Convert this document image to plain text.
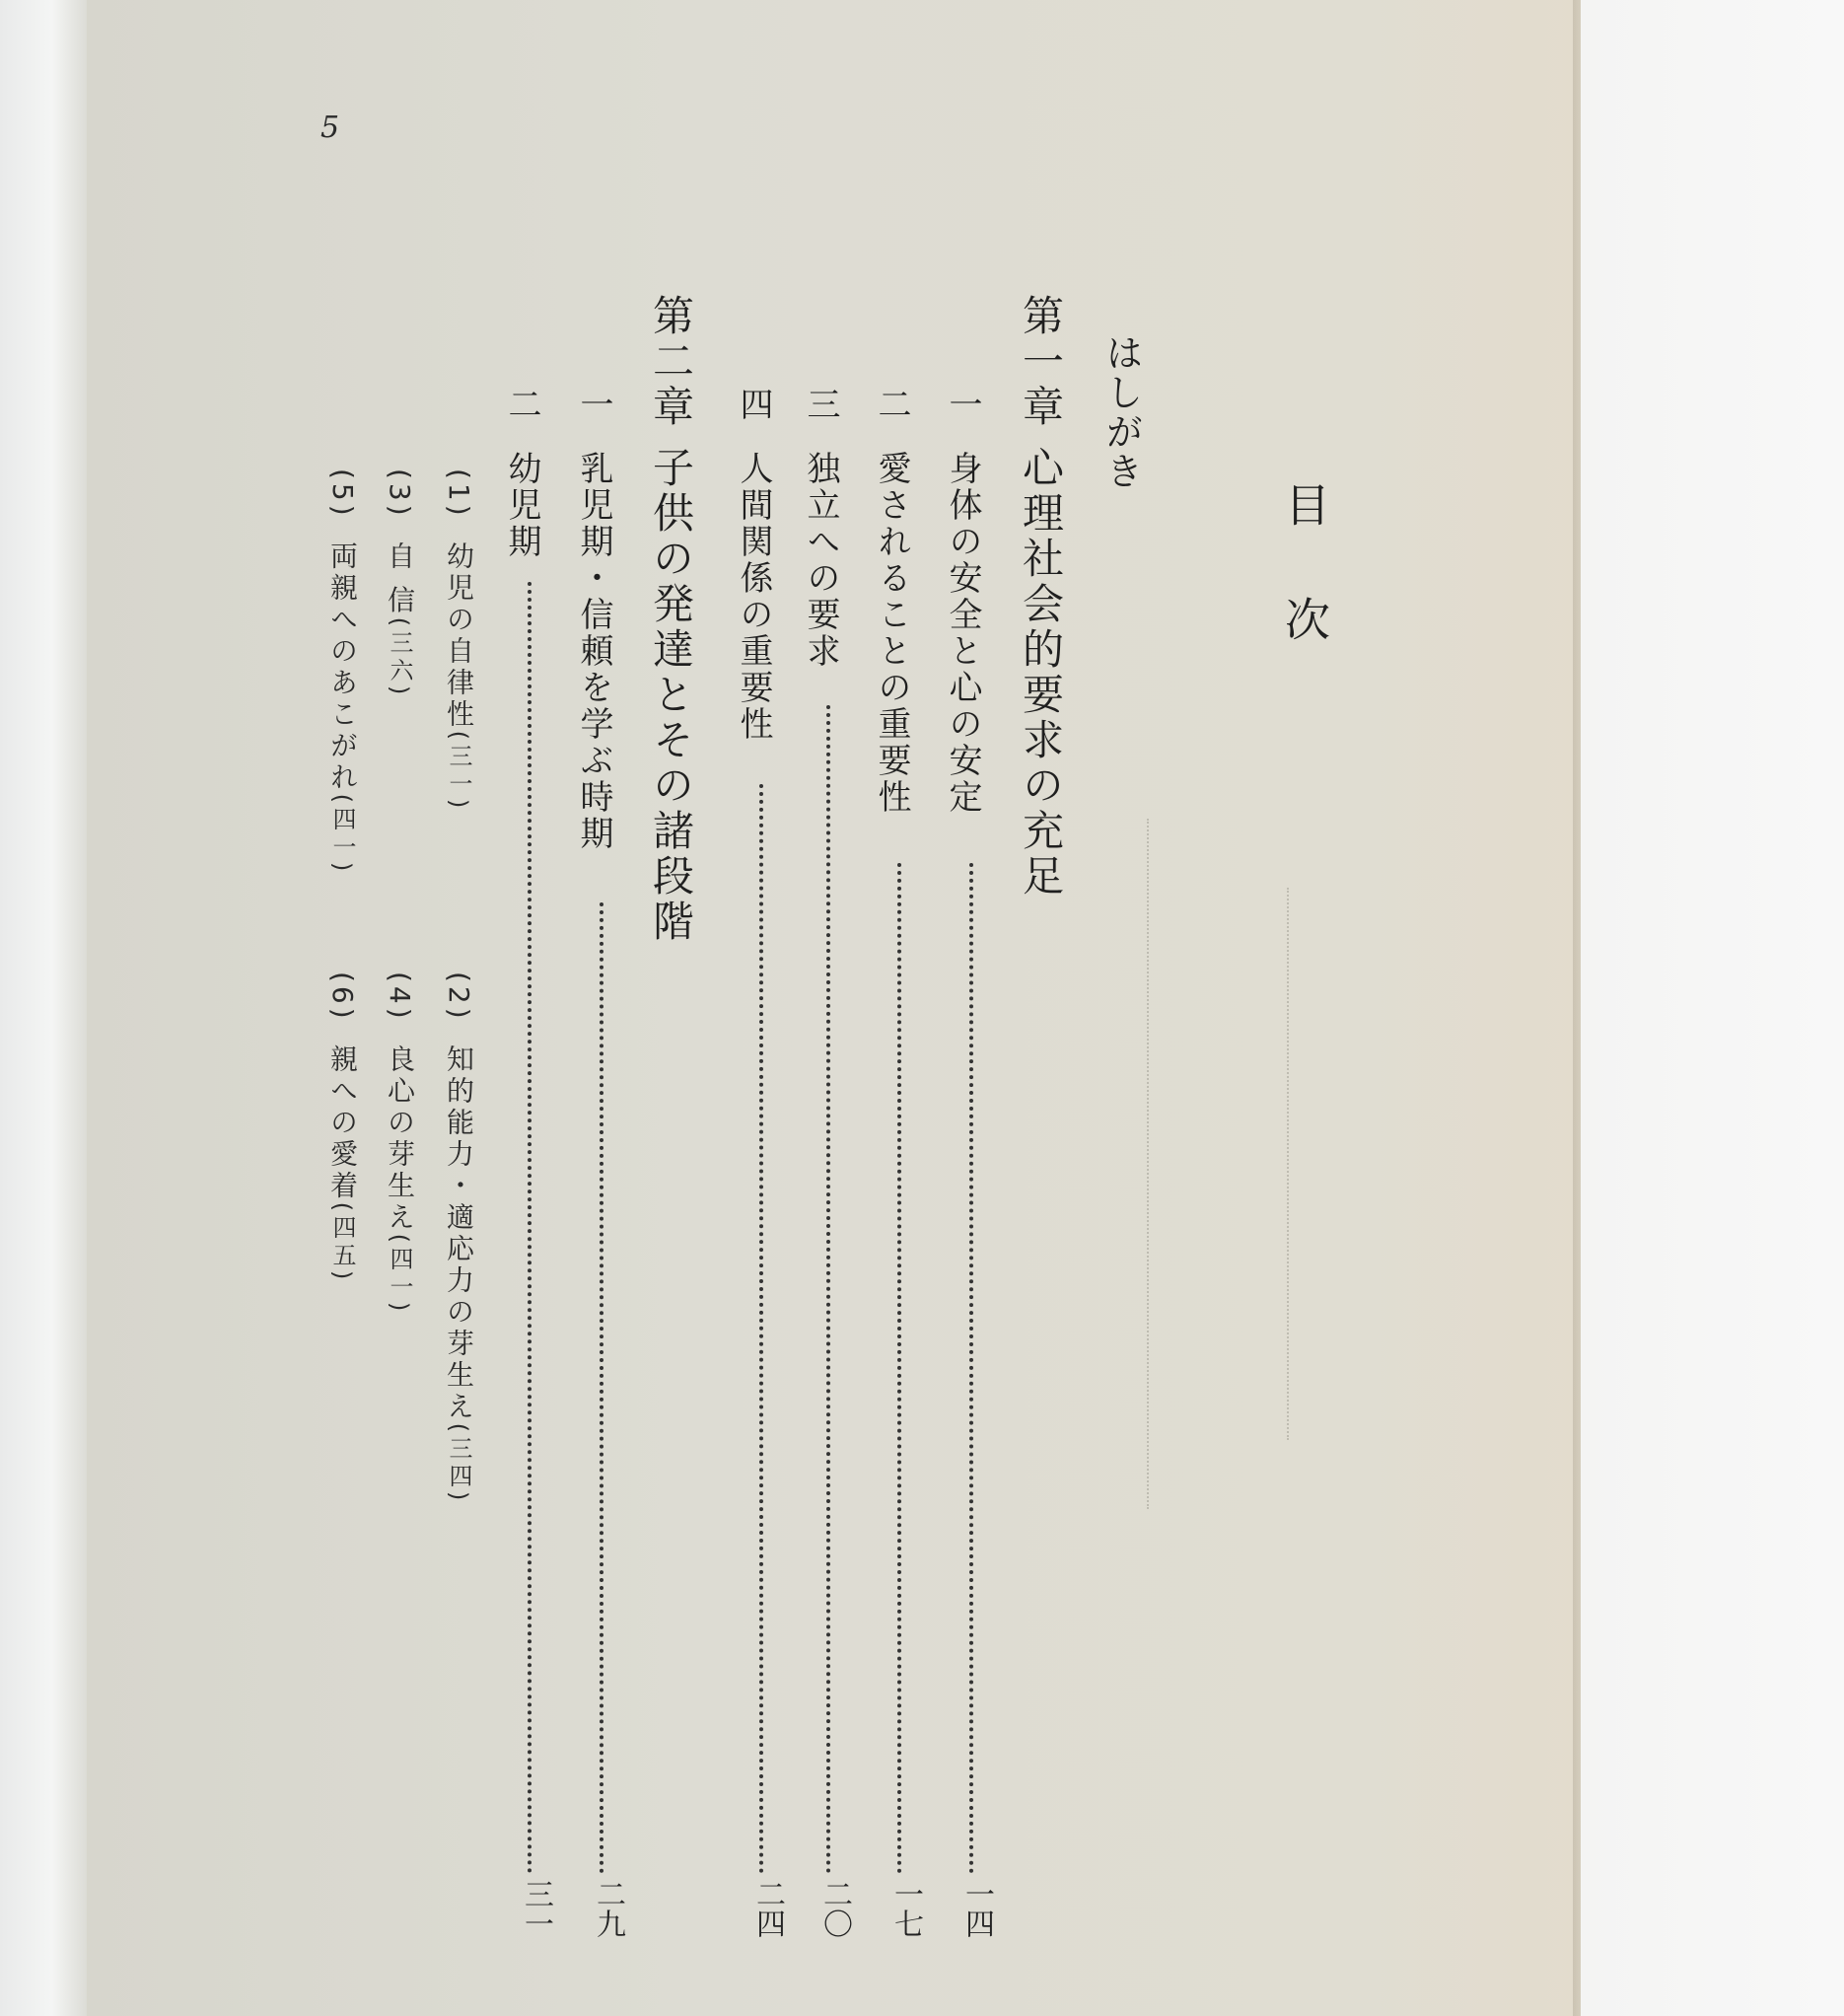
5
目次
はしがき
第一章心理社会的要求の充足
一身体の安全と心の安定
一四
二愛されることの重要性
一七
三独立への要求
二〇
四人間関係の重要性
二四
第二章子供の発達とその諸段階
一乳児期・信頼を学ぶ時期
二九
二幼児期
三一
(1)幼児の自律性(三一)
(3)自 信(三六)
(5)両親へのあこがれ(四一)
(2)知的能力・適応力の芽生え(三四)
(4)良心の芽生え(四一)
(6)親への愛着(四五)
